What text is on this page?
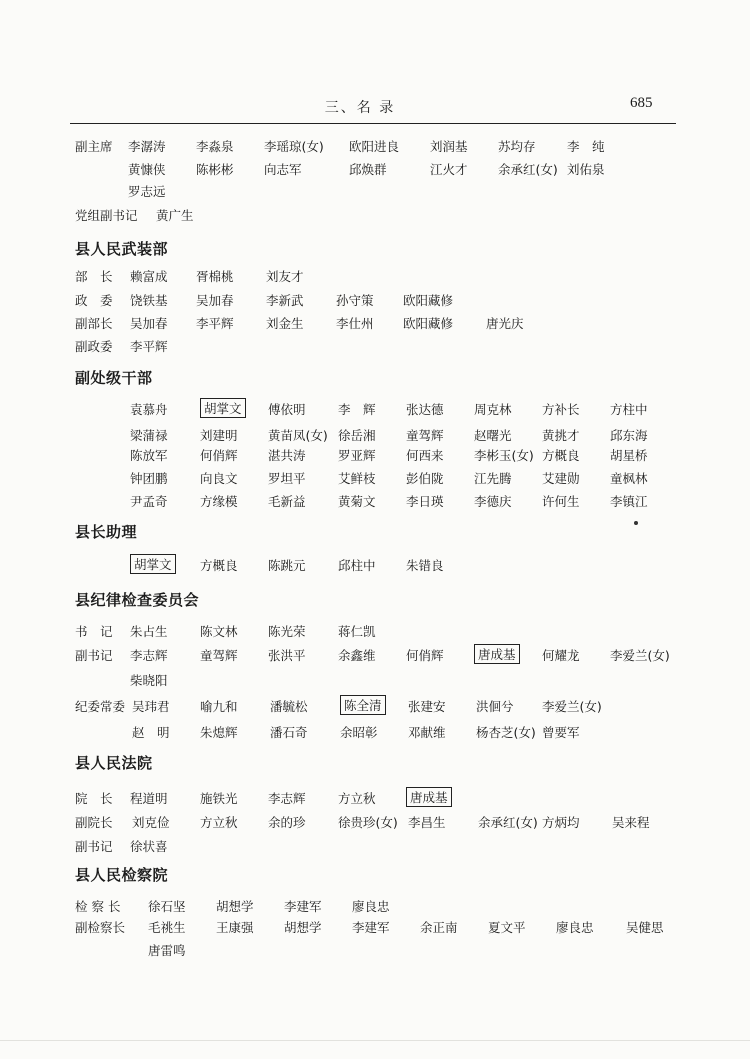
三、名 录	685
县人民武装部
副处级干部
县长助理
县纪律检查委员会
县人民法院
县人民检察院
副主席 李潺涛 李淼泉 李瑶琼(女) 欧阳进良 刘润基 苏均存	李　纯
黄慷侠 陈彬彬 向志军	邱焕群	江火才 余承红(女) 刘佑泉
罗志远
党组副书记 黄广生
部　长 赖富成 胥棉桃	刘友才
政　委 饶铁基 吴加春	李新武	孙守策 欧阳藏修
副部长 吴加春 李平辉	刘金生	李仕州 欧阳藏修	唐光庆
副政委 李平辉
袁慕舟	胡掌文	傅依明	李　辉 张达德 周克林 方补长 方柱中
梁蒲禄	刘建明 黄苗凤(女) 徐岳湘 童驾辉 赵曙光 黄挑才 邱东海
陈放军	何俏辉 湛共涛	罗亚辉 何西来 李彬玉(女) 方概良 胡星桥
钟团鹏	向良文 罗坦平	艾鲜枝 彭伯陇 江先腾 艾建勋 童枫林
尹孟奇	方缘模 毛新益	黄菊文 李日瑛 李德庆 许何生 李镇江
胡掌文	方概良 陈跳元	邱柱中 朱错良
书　记 朱占生	陈文林 陈光荣	蒋仁凯
副书记 李志辉	童驾辉 张洪平	余鑫维 何俏辉	唐成基	何耀龙 李爱兰(女)
柴晓阳
纪委常委 吴玮君 喻九和	潘毓松	陈全清	张建安 洪佪兮 李爱兰(女)
赵　明 朱熄辉	潘石奇	余昭彰 邓献维 杨杏芝(女) 曾要军
院　长 程道明	施铁光 李志辉	方立秋	唐成基
副院长 刘克俭 方立秋 余的珍	徐贵珍(女) 李昌生	余承红(女) 方炳均	吴来程
副书记 徐状喜
检 察 长 徐石坚 胡想学 李建军 廖良忠
副检察长 毛祧生 王康强 胡想学 李建军 余正南 夏文平 廖良忠	吴健思
唐雷鸣
